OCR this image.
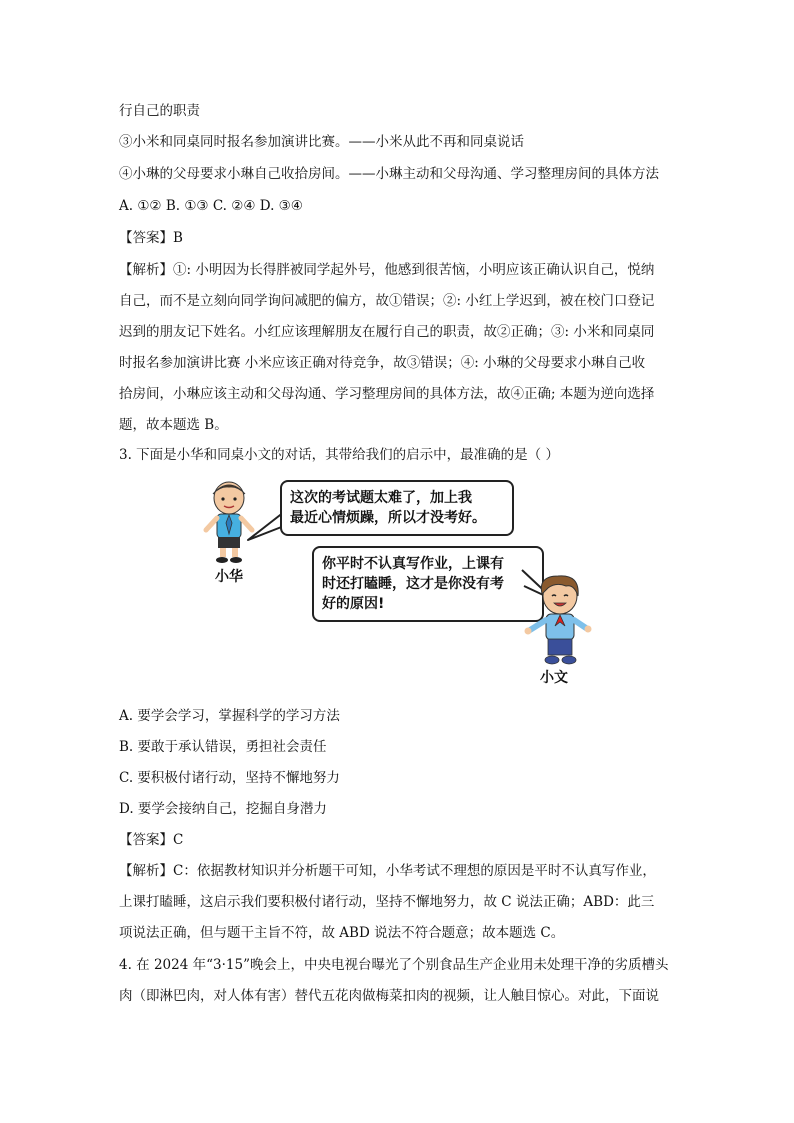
行自己的职责
③小米和同桌同时报名参加演讲比赛。——小米从此不再和同桌说话
④小琳的父母要求小琳自己收拾房间。——小琳主动和父母沟通、学习整理房间的具体方法
A. ①② B. ①③ C. ②④ D. ③④
【答案】B
【解析】①: 小明因为长得胖被同学起外号，他感到很苦恼，小明应该正确认识自己，悦纳
自己，而不是立刻向同学询问减肥的偏方，故①错误；②: 小红上学迟到，被在校门口登记
迟到的朋友记下姓名。小红应该理解朋友在履行自己的职责，故②正确；③: 小米和同桌同
时报名参加演讲比赛 小米应该正确对待竞争，故③错误；④: 小琳的父母要求小琳自己收
拾房间，小琳应该主动和父母沟通、学习整理房间的具体方法，故④正确; 本题为逆向选择
题，故本题选 B。
3. 下面是小华和同桌小文的对话，其带给我们的启示中，最准确的是（ ）
小华
这次的考试题太难了，加上我
最近心情烦躁，所以才没考好。
你平时不认真写作业，上课有
时还打瞌睡，这才是你没有考
好的原因!
小文
A. 要学会学习，掌握科学的学习方法
B. 要敢于承认错误，勇担社会责任
C. 要积极付诸行动，坚持不懈地努力
D. 要学会接纳自己，挖掘自身潜力
【答案】C
【解析】C：依据教材知识并分析题干可知，小华考试不理想的原因是平时不认真写作业，
上课打瞌睡，这启示我们要积极付诸行动，坚持不懈地努力，故 C 说法正确；ABD：此三
项说法正确，但与题干主旨不符，故 ABD 说法不符合题意；故本题选 C。
4. 在 2024 年“3·15”晚会上，中央电视台曝光了个别食品生产企业用未处理干净的劣质槽头
肉（即淋巴肉，对人体有害）替代五花肉做梅菜扣肉的视频，让人触目惊心。对此，下面说
